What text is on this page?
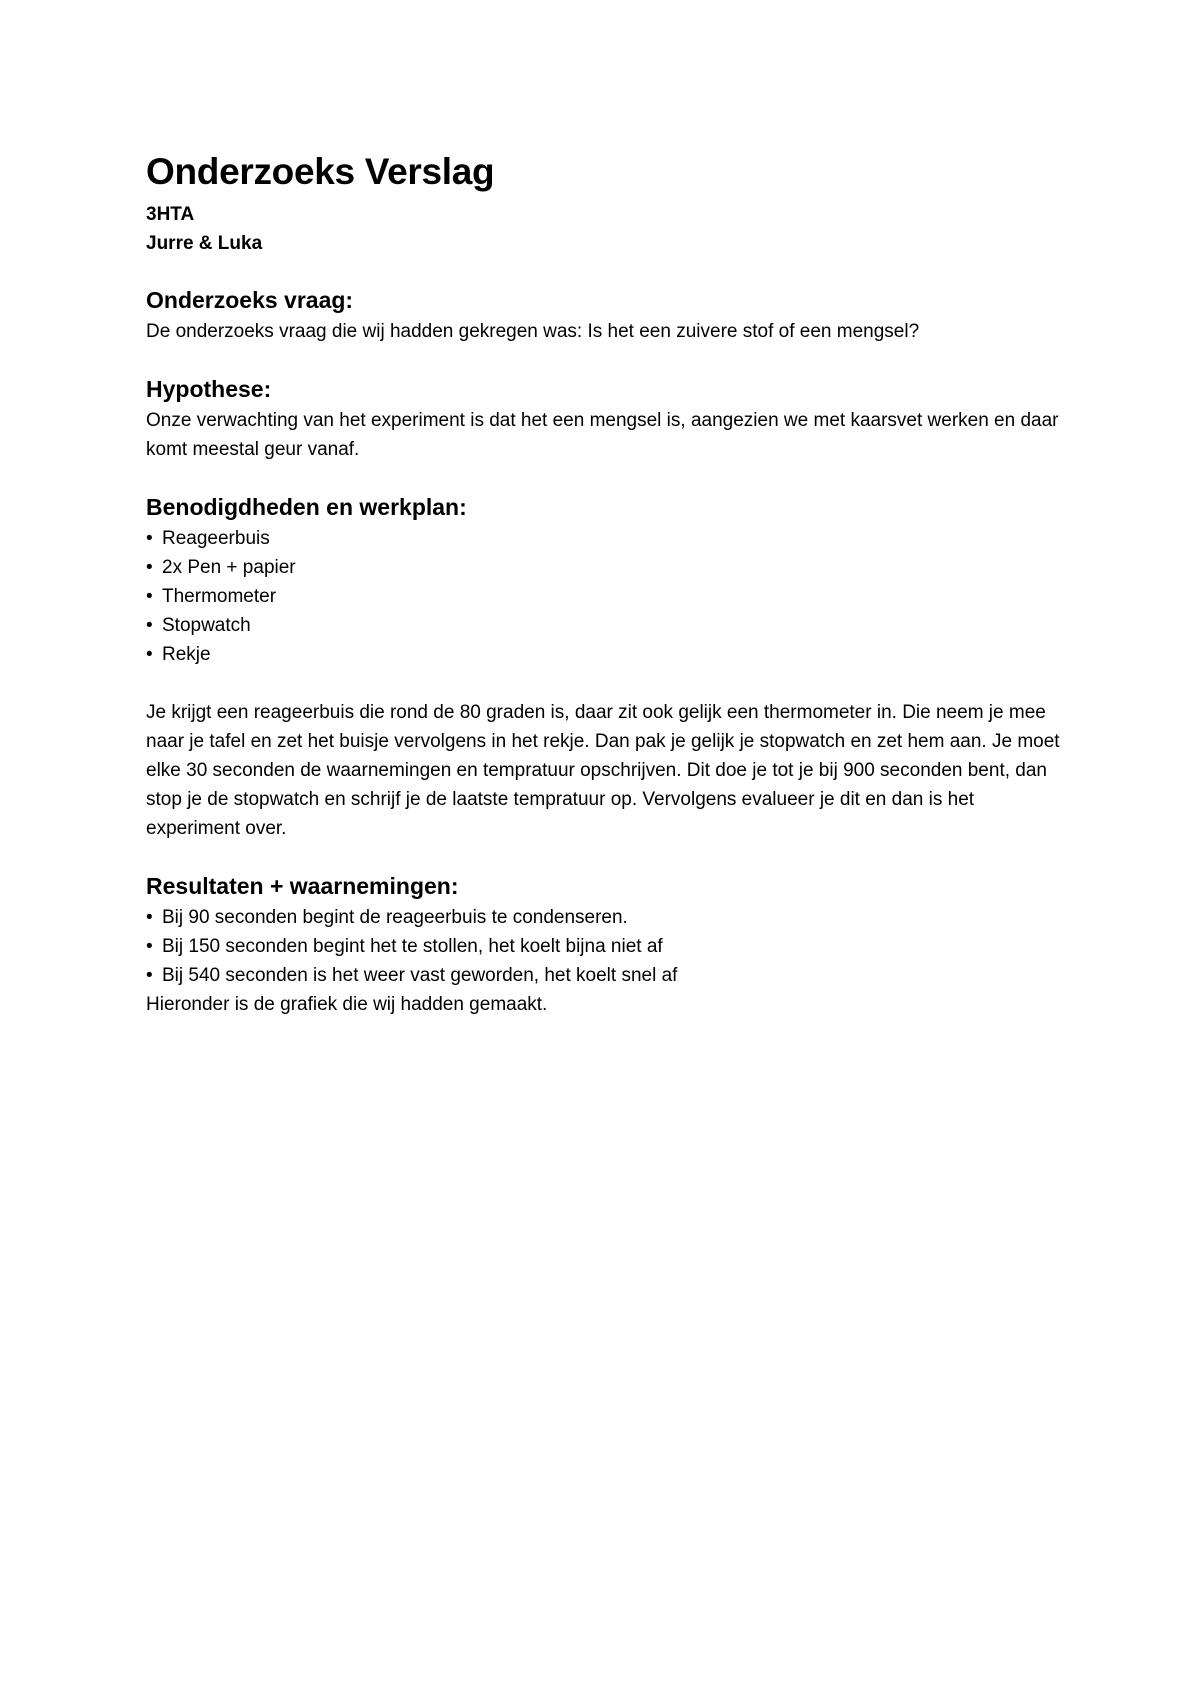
Onderzoeks Verslag

3HTA

Jurre & Luka

Onderzoeks vraag:

De onderzoeks vraag die wij hadden gekregen was: Is het een zuivere stof of een mengsel?

Hypothese:

Onze verwachting van het experiment is dat het een mengsel is, aangezien we met kaarsvet werken en daar komt meestal geur vanaf.

Benodigdheden en werkplan:
• Reageerbuis
• 2x Pen + papier
• Thermometer
• Stopwatch
• Rekje

Je krijgt een reageerbuis die rond de 80 graden is, daar zit ook gelijk een thermometer in. Die neem je mee naar je tafel en zet het buisje vervolgens in het rekje. Dan pak je gelijk je stopwatch en zet hem aan. Je moet elke 30 seconden de waarnemingen en tempratuur opschrijven. Dit doe je tot je bij 900 seconden bent, dan stop je de stopwatch en schrijf je de laatste tempratuur op. Vervolgens evalueer je dit en dan is het experiment over.

Resultaten + waarnemingen:
• Bij 90 seconden begint de reageerbuis te condenseren.
• Bij 150 seconden begint het te stollen, het koelt bijna niet af
• Bij 540 seconden is het weer vast geworden, het koelt snel af

Hieronder is de grafiek die wij hadden gemaakt.
